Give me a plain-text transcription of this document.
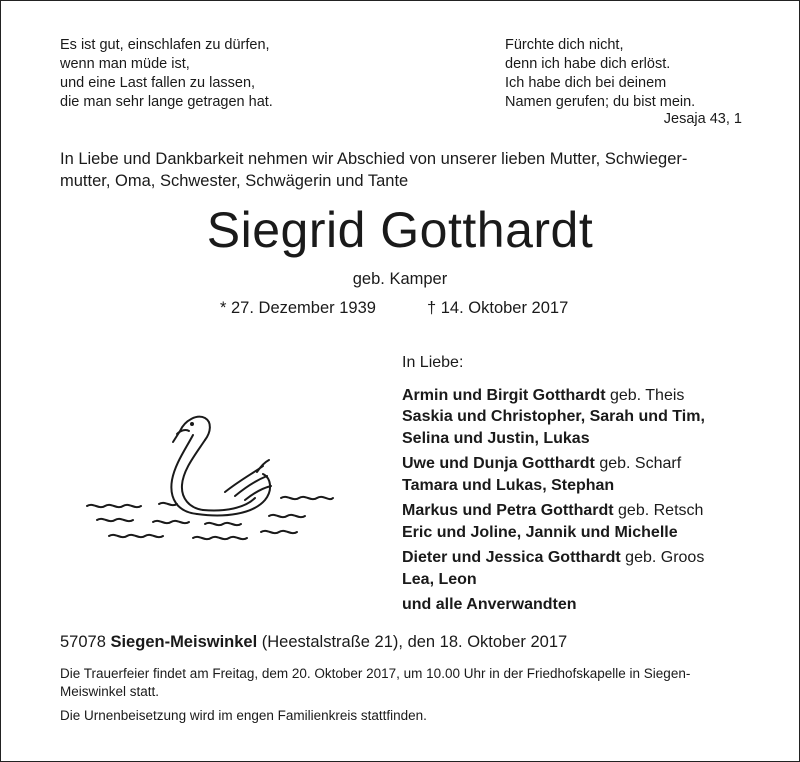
Es ist gut, einschlafen zu dürfen,
wenn man müde ist,
und eine Last fallen zu lassen,
die man sehr lange getragen hat.
Fürchte dich nicht,
denn ich habe dich erlöst.
Ich habe dich bei deinem
Namen gerufen; du bist mein.
Jesaja 43, 1
In Liebe und Dankbarkeit nehmen wir Abschied von unserer lieben Mutter, Schwieger-
mutter, Oma, Schwester, Schwägerin und Tante
Siegrid Gotthardt
geb. Kamper
* 27. Dezember 1939	† 14. Oktober 2017
In Liebe:
Armin und Birgit Gotthardt geb. Theis
Saskia und Christopher, Sarah und Tim,
Selina und Justin, Lukas
Uwe und Dunja Gotthardt geb. Scharf
Tamara und Lukas, Stephan
Markus und Petra Gotthardt geb. Retsch
Eric und Joline, Jannik und Michelle
Dieter und Jessica Gotthardt geb. Groos
Lea, Leon
und alle Anverwandten
57078 Siegen-Meiswinkel (Heestalstraße 21), den 18. Oktober 2017
Die Trauerfeier findet am Freitag, dem 20. Oktober 2017, um 10.00 Uhr in der Friedhofskapelle in Siegen-Meiswinkel statt.
Die Urnenbeisetzung wird im engen Familienkreis stattfinden.
